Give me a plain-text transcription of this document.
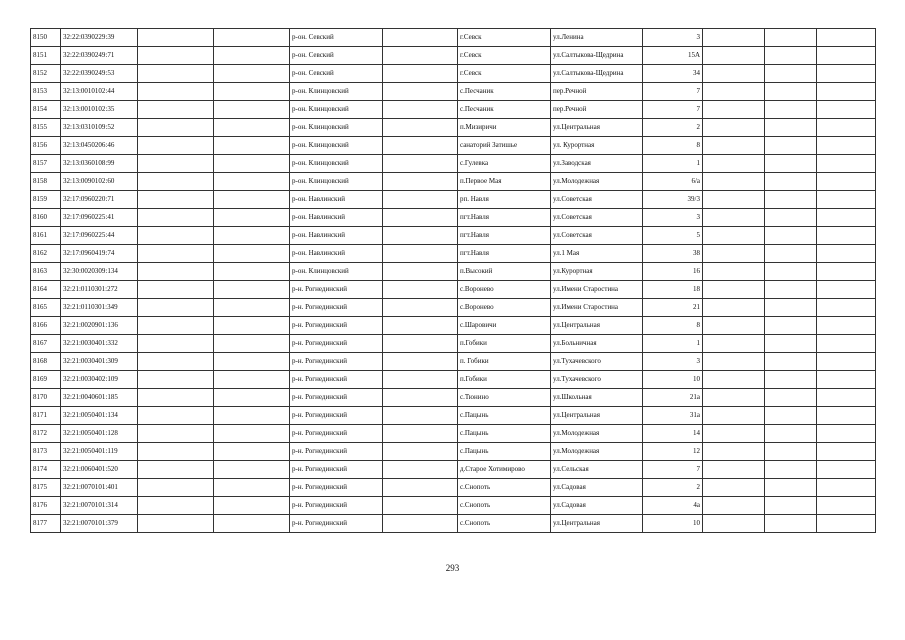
8150	32:22:0390229:39			р-он. Севский		г.Севск	ул.Ленина	3			
8151	32:22:0390249:71			р-он. Севский		г.Севск	ул.Салтыкова-Щедрина	15А			
8152	32:22:0390249:53			р-он. Севский		г.Севск	ул.Салтыкова-Щедрина	34			
8153	32:13:0010102:44			р-он. Клинцовский		с.Песчаник	пер.Речной	7			
8154	32:13:0010102:35			р-он. Клинцовский		с.Песчаник	пер.Речной	7			
8155	32:13:0310109:52			р-он. Клинцовский		п.Мизиричи	ул.Центральная	2			
8156	32:13:0450206:46			р-он. Клинцовский		санаторий Затишье	ул. Курортная	8			
8157	32:13:0360108:99			р-он. Клинцовский		с.Гулевка	ул.Заводская	1			
8158	32:13:0090102:60			р-он. Клинцовский		п.Первое Мая	ул.Молодежная	6/а			
8159	32:17:0960220:71			р-он. Навлинский		рп. Навля	ул.Советская	39/3			
8160	32:17:0960225:41			р-он. Навлинский		пгт.Навля	ул.Советская	3			
8161	32:17:0960225:44			р-он. Навлинский		пгт.Навля	ул.Советская	5			
8162	32:17:0960419:74			р-он. Навлинский		пгт.Навля	ул.1 Мая	38			
8163	32:30:0020309:134			р-он. Клинцовский		п.Высокий	ул.Курортная	16			
8164	32:21:0110301:272			р-н. Рогнединский		с.Воронево	ул.Имени Старостина	18			
8165	32:21:0110301:349			р-н. Рогнединский		с.Воронево	ул.Имени Старостина	21			
8166	32:21:0020901:136			р-н. Рогнединский		с.Шаровичи	ул.Центральная	8			
8167	32:21:0030401:332			р-н. Рогнединский		п.Гобики	ул.Больничная	1			
8168	32:21:0030401:309			р-н. Рогнединский		п. Гобики	ул.Тухачевского	3			
8169	32:21:0030402:109			р-н. Рогнединский		п.Гобики	ул.Тухачевского	10			
8170	32:21:0040601:185			р-н. Рогнединский		с.Тюнино	ул.Школьная	21а			
8171	32:21:0050401:134			р-н. Рогнединский		с.Пацынь	ул.Центральная	31а			
8172	32:21:0050401:128			р-н. Рогнединский		с.Пацынь	ул.Молодежная	14			
8173	32:21:0050401:119			р-н. Рогнединский		с.Пацынь	ул.Молодежная	12			
8174	32:21:0060401:520			р-н. Рогнединский		д.Старое Хотимирово	ул.Сельская	7			
8175	32:21:0070101:401			р-н. Рогнединский		с.Снопоть	ул.Садовая	2			
8176	32:21:0070101:314			р-н. Рогнединский		с.Снопоть	ул.Садовая	4а			
8177	32:21:0070101:379			р-н. Рогнединский		с.Снопоть	ул.Центральная	10			
293
